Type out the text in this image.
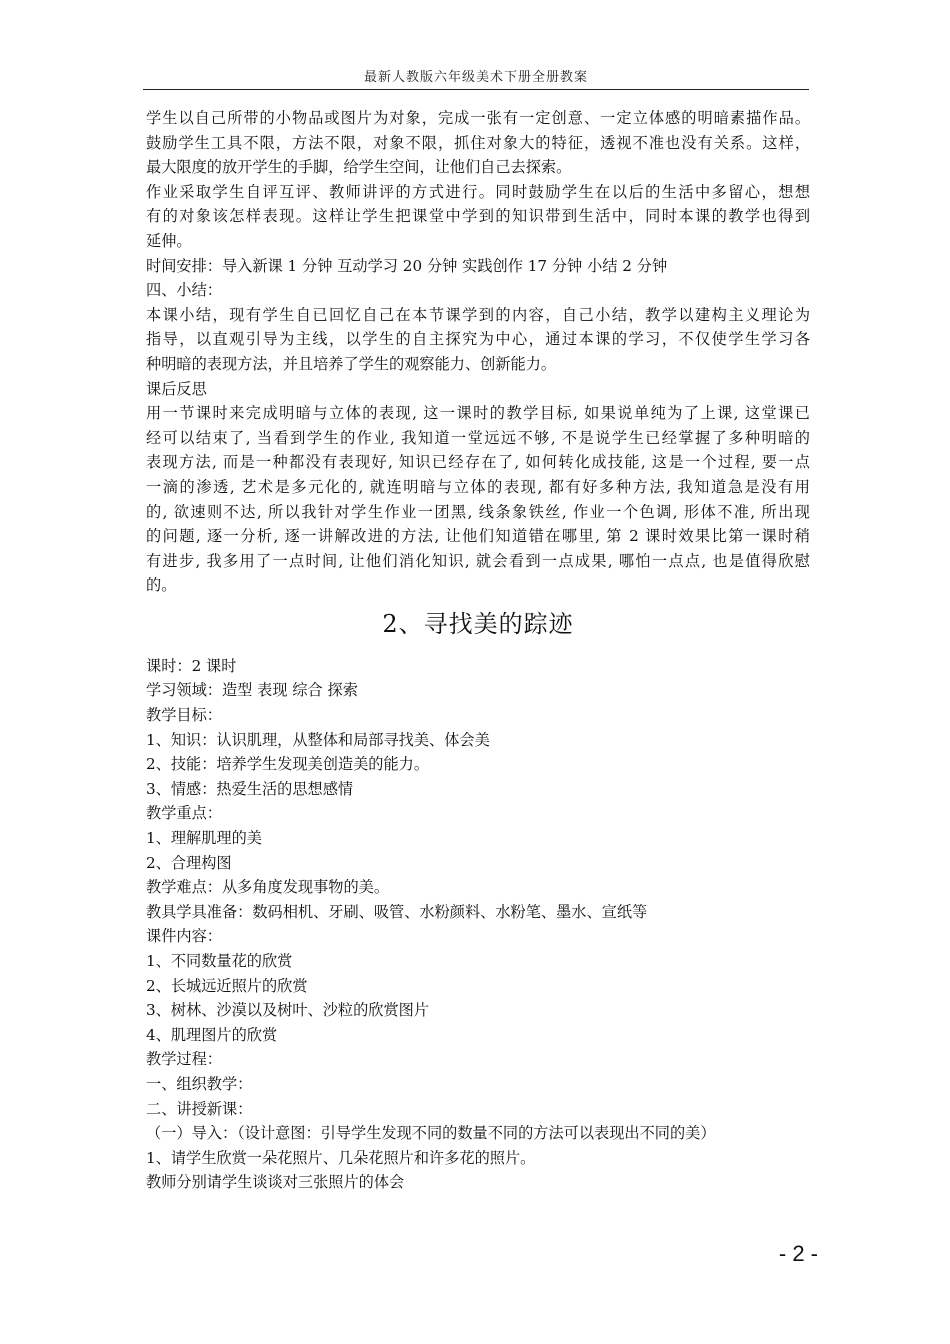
最新人教版六年级美术下册全册教案
学生以自己所带的小物品或图片为对象，完成一张有一定创意、一定立体感的明暗素描作品。
鼓励学生工具不限，方法不限，对象不限，抓住对象大的特征，透视不准也没有关系。这样，
最大限度的放开学生的手脚，给学生空间，让他们自己去探索。
作业采取学生自评互评、教师讲评的方式进行。同时鼓励学生在以后的生活中多留心，想想
有的对象该怎样表现。这样让学生把课堂中学到的知识带到生活中，同时本课的教学也得到
延伸。
时间安排：导入新课 1 分钟 互动学习 20 分钟 实践创作 17 分钟 小结 2 分钟
四、小结：
本课小结，现有学生自已回忆自己在本节课学到的内容，自己小结，教学以建构主义理论为
指导，以直观引导为主线，以学生的自主探究为中心，通过本课的学习，不仅使学生学习各
种明暗的表现方法，并且培养了学生的观察能力、创新能力。
课后反思
用一节课时来完成明暗与立体的表现, 这一课时的教学目标, 如果说单纯为了上课, 这堂课已
经可以结束了, 当看到学生的作业, 我知道一堂远远不够, 不是说学生已经掌握了多种明暗的
表现方法, 而是一种都没有表现好, 知识已经存在了, 如何转化成技能, 这是一个过程, 要一点
一滴的渗透, 艺术是多元化的, 就连明暗与立体的表现, 都有好多种方法, 我知道急是没有用
的, 欲速则不达, 所以我针对学生作业一团黑, 线条象铁丝, 作业一个色调, 形体不准, 所出现
的问题, 逐一分析, 逐一讲解改进的方法, 让他们知道错在哪里, 第 2 课时效果比第一课时稍
有进步, 我多用了一点时间, 让他们消化知识, 就会看到一点成果, 哪怕一点点, 也是值得欣慰
的。
2、寻找美的踪迹
课时：2 课时
学习领域：造型 表现 综合 探索
教学目标：
1、知识：认识肌理，从整体和局部寻找美、体会美
2、技能：培养学生发现美创造美的能力。
3、情感：热爱生活的思想感情
教学重点：
1、理解肌理的美
2、合理构图
教学难点：从多角度发现事物的美。
教具学具准备：数码相机、牙刷、吸管、水粉颜料、水粉笔、墨水、宣纸等
课件内容：
1、不同数量花的欣赏
2、长城远近照片的欣赏
3、树林、沙漠以及树叶、沙粒的欣赏图片
4、肌理图片的欣赏
教学过程：
一、组织教学：
二、讲授新课：
（一）导入：（设计意图：引导学生发现不同的数量不同的方法可以表现出不同的美）
1、请学生欣赏一朵花照片、几朵花照片和许多花的照片。
教师分别请学生谈谈对三张照片的体会
- 2 -
